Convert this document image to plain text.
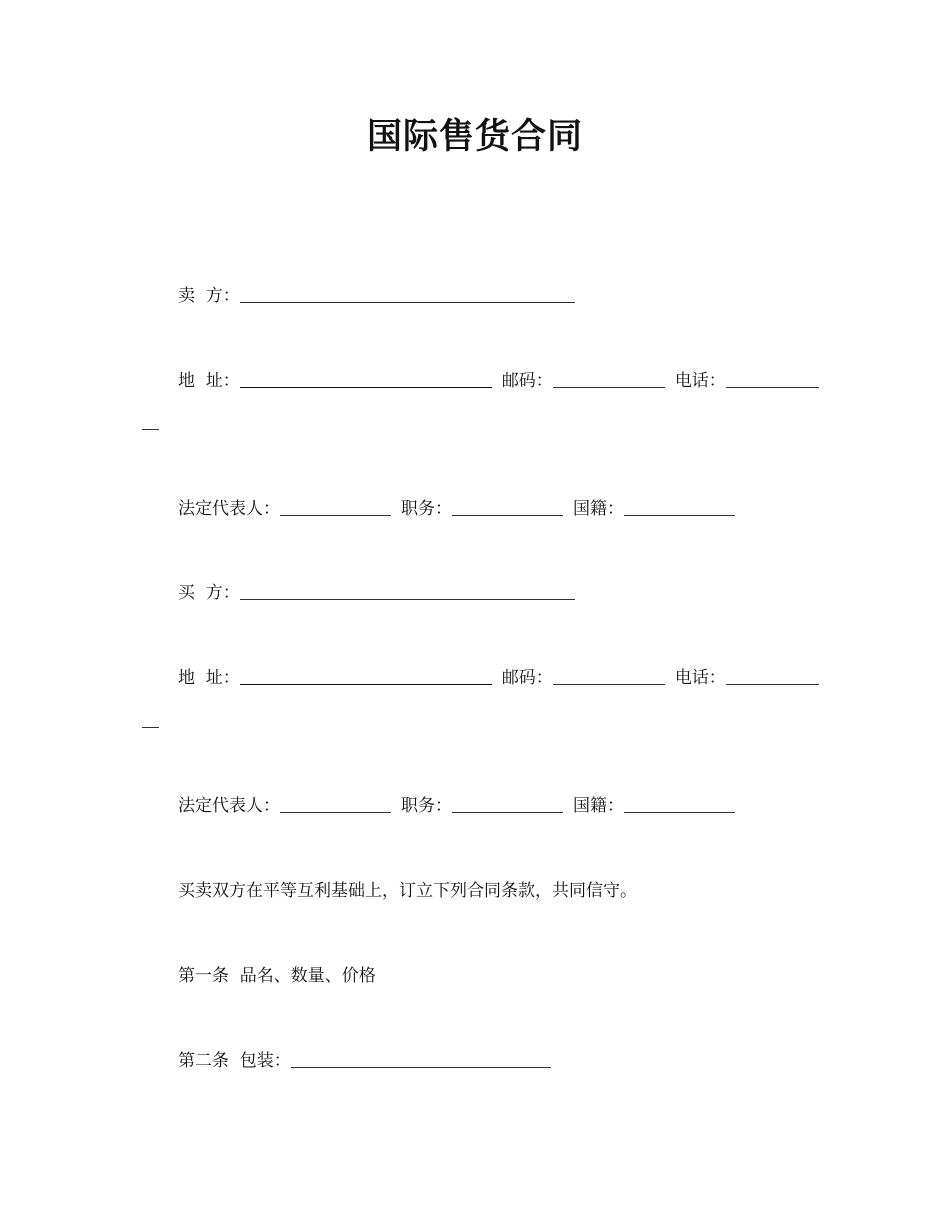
国际售货合同
卖  方：
地  址：	邮码：	电话：
法定代表人：	职务：	国籍：
买  方：
地  址：	邮码：	电话：
法定代表人：	职务：	国籍：
买卖双方在平等互利基础上，订立下列合同条款，共同信守。
第一条  品名、数量、价格
第二条  包装：
